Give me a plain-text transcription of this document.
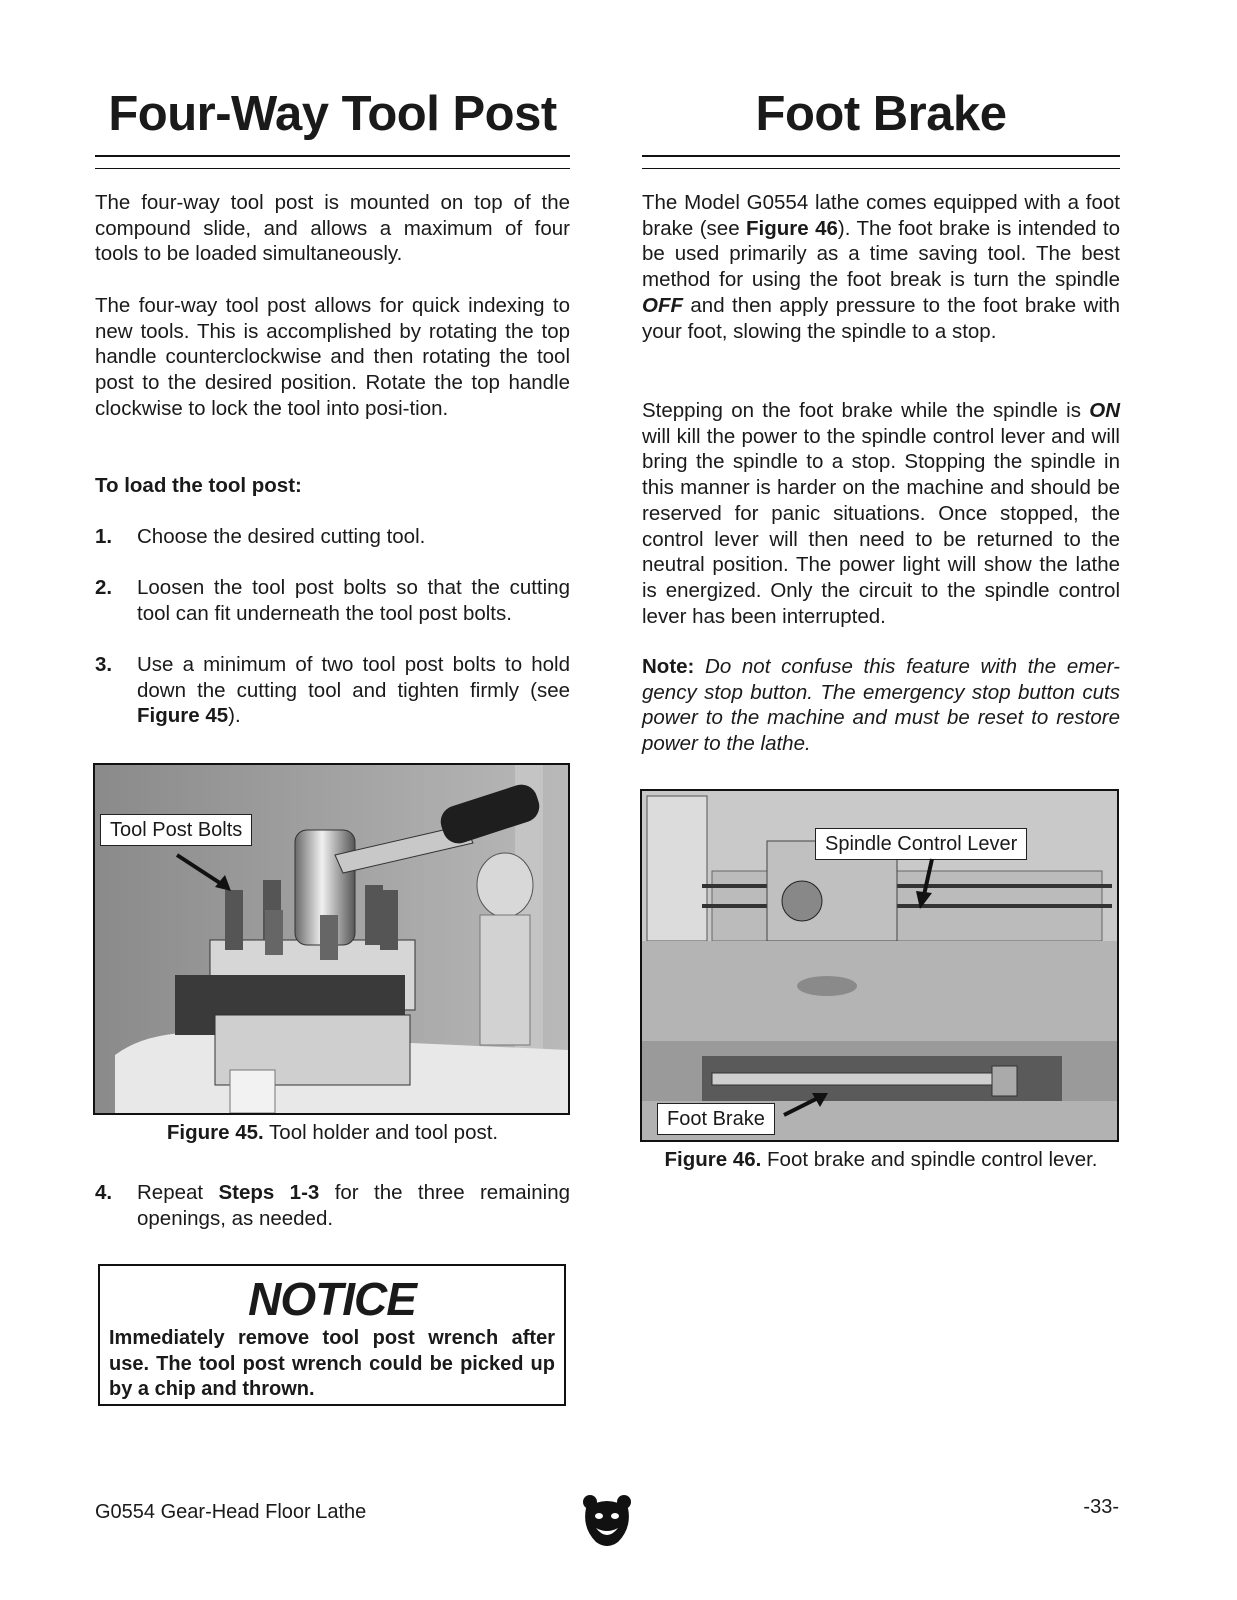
Four-Way Tool Post

The four-way tool post is mounted on top of the compound slide, and allows a maximum of four tools to be loaded simultaneously.

The four-way tool post allows for quick indexing to new tools. This is accomplished by rotating the top handle counterclockwise and then rotating the tool post to the desired position. Rotate the top handle clockwise to lock the tool into posi-tion.

To load the tool post:

1. Choose the desired cutting tool.
2. Loosen the tool post bolts so that the cutting tool can fit underneath the tool post bolts.
3. Use a minimum of two tool post bolts to hold down the cutting tool and tighten firmly (see Figure 45).
Tool Post Bolts
Figure 45. Tool holder and tool post.
4. Repeat Steps 1-3 for the three remaining openings, as needed.
NOTICE
Immediately remove tool post wrench after use. The tool post wrench could be picked up by a chip and thrown.
Foot Brake

The Model G0554 lathe comes equipped with a foot brake (see Figure 46). The foot brake is intended to be used primarily as a time saving tool. The best method for using the foot break is turn the spindle OFF and then apply pressure to the foot brake with your foot, slowing the spindle to a stop.

Stepping on the foot brake while the spindle is ON will kill the power to the spindle control lever and will bring the spindle to a stop. Stopping the spindle in this manner is harder on the machine and should be reserved for panic situations. Once stopped, the control lever will then need to be returned to the neutral position. The power light will show the lathe is energized. Only the circuit to the spindle control lever has been interrupted.

Note: Do not confuse this feature with the emer-gency stop button. The emergency stop button cuts power to the machine and must be reset to restore power to the lathe.

Spindle Control Lever
Foot Brake
Figure 46. Foot brake and spindle control lever.
G0554 Gear-Head Floor Lathe	-33-
